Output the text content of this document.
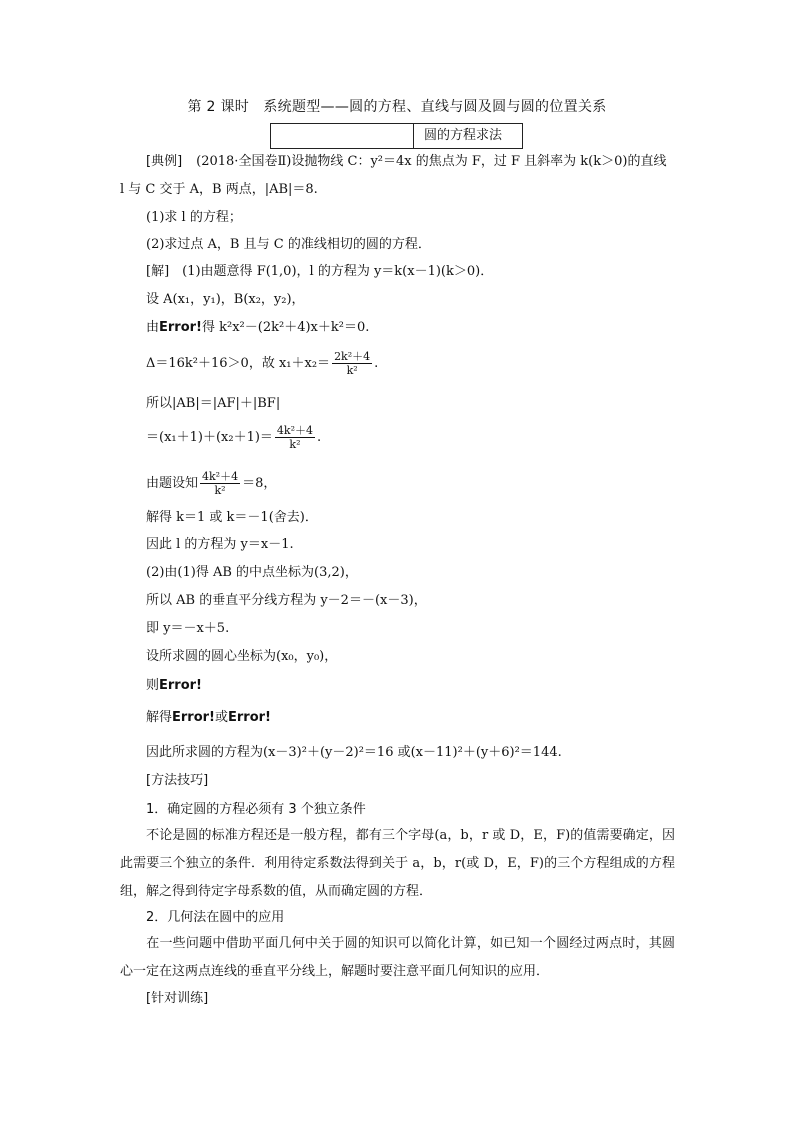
第 2 课时　系统题型——圆的方程、直线与圆及圆与圆的位置关系
圆的方程求法
[典例] (2018·全国卷Ⅱ)设抛物线 C：y²＝4x 的焦点为 F，过 F 且斜率为 k(k＞0)的直线
l 与 C 交于 A，B 两点，|AB|＝8.
(1)求 l 的方程；
(2)求过点 A，B 且与 C 的准线相切的圆的方程．
[解]　(1)由题意得 F(1,0)，l 的方程为 y＝k(x－1)(k＞0)．
设 A(x₁，y₁)，B(x₂，y₂)，
由Error!得 k²x²－(2k²＋4)x＋k²＝0.
Δ＝16k²＋16＞0，故 $x_1+x_2= \frac{\text{2k²＋4}}{\text{k²}}$ .
所以|AB|＝|AF|＋|BF|
$=(x_1+1)+(x_2+1)= \frac{\text{4k²＋4}}{\text{k²}}$ .
由题设知 $\frac{\text{4k²＋4}}{\text{k²}} =8$，
解得 k＝1 或 k＝－1(舍去)．
因此 l 的方程为 y＝x－1.
(2)由(1)得 AB 的中点坐标为(3,2)，
所以 AB 的垂直平分线方程为 y－2＝－(x－3)，
即 y＝－x＋5.
设所求圆的圆心坐标为(x₀，y₀)，
则Error!
解得Error!或Error!
因此所求圆的方程为(x－3)²＋(y－2)²＝16 或(x－11)²＋(y＋6)²＝144.
[方法技巧]
1．确定圆的方程必须有 3 个独立条件
不论是圆的标准方程还是一般方程，都有三个字母(a，b，r 或 D，E，F)的值需要确定，因此需要三个独立的条件．利用待定系数法得到关于 a，b，r(或 D，E，F)的三个方程组成的方程组，解之得到待定字母系数的值，从而确定圆的方程．
2．几何法在圆中的应用
在一些问题中借助平面几何中关于圆的知识可以简化计算，如已知一个圆经过两点时，其圆心一定在这两点连线的垂直平分线上，解题时要注意平面几何知识的应用．
[针对训练]
